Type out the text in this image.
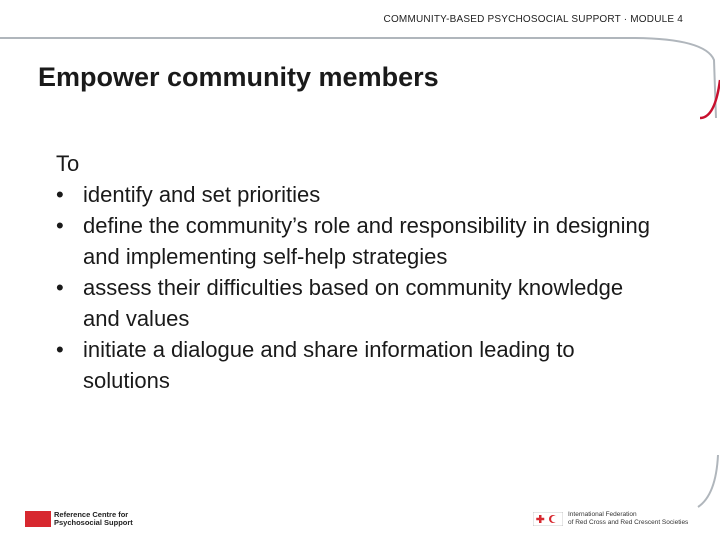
COMMUNITY-BASED PSYCHOSOCIAL SUPPORT · MODULE 4
Empower community members

To

• identify and set priorities
• define the community’s role and responsibility in designing and implementing self-help strategies
• assess their difficulties based on community knowledge and values
• initiate a dialogue and share information leading to solutions
Reference Centre for
Psychosocial Support
International Federation
of Red Cross and Red Crescent Societies
